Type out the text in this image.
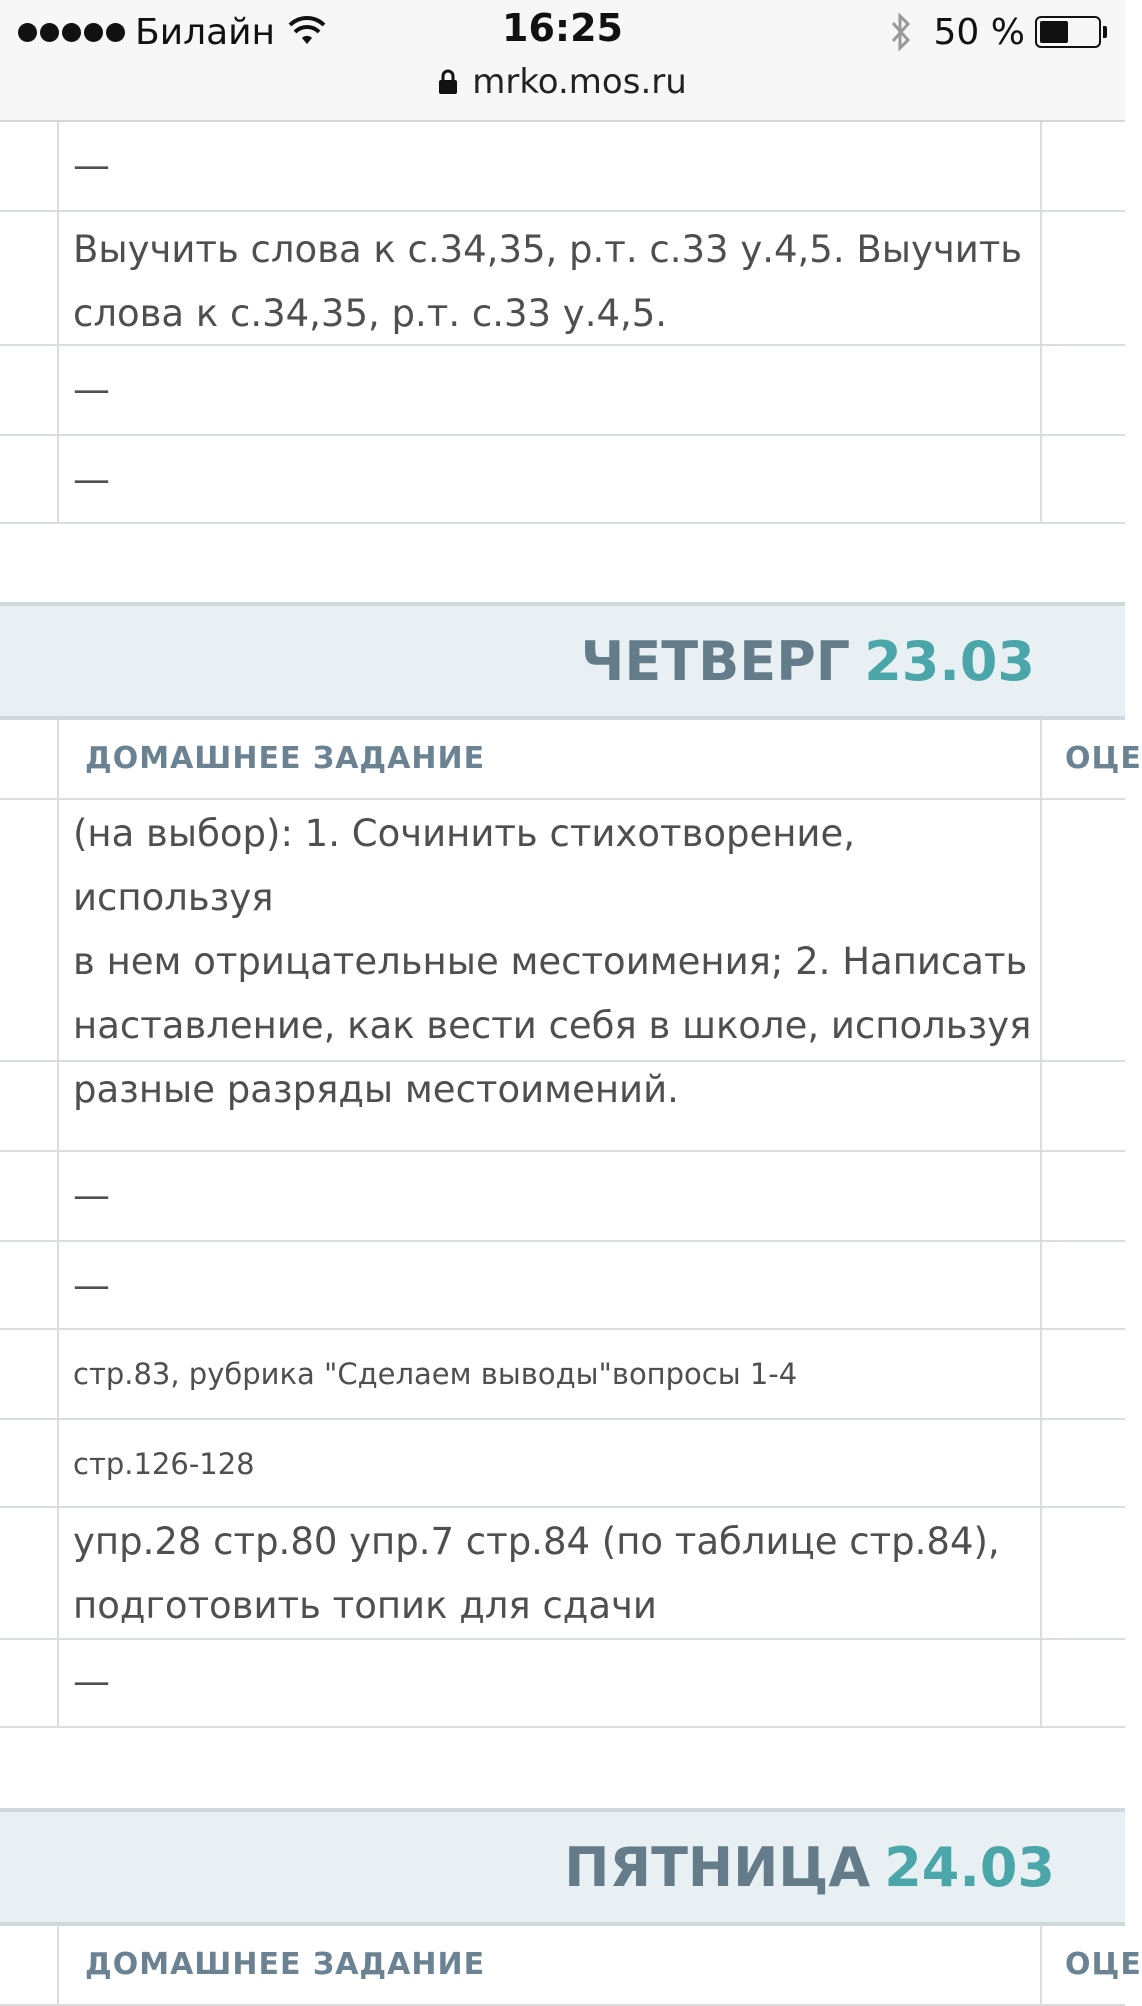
Билайн	16:25	50 %
mrko.mos.ru
—
Выучить слова к с.34,35, р.т. с.33 у.4,5. Выучить
слова к с.34,35, р.т. с.33 у.4,5.
—
—
ЧЕТВЕРГ 23.03
ДОМАШНЕЕ ЗАДАНИЕ	ОЦЕ
(на выбор): 1. Сочинить стихотворение, используя
в нем отрицательные местоимения; 2. Написать
наставление, как вести себя в школе, используя
разные разряды местоимений.
—
—
стр.83, рубрика "Сделаем выводы"вопросы 1-4
стр.126-128
упр.28 стр.80 упр.7 стр.84 (по таблице стр.84),
подготовить топик для сдачи
—
ПЯТНИЦА 24.03
ДОМАШНЕЕ ЗАДАНИЕ	ОЦЕ
